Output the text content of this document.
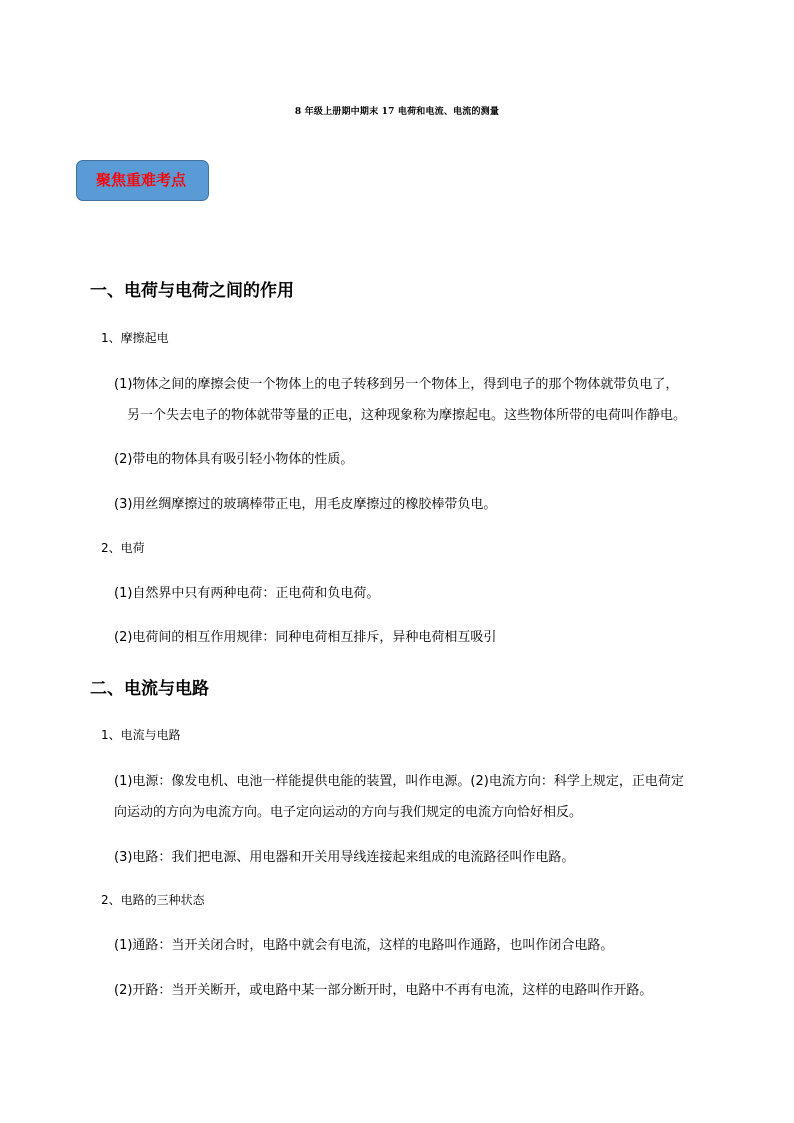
8 年级上册期中期末 17 电荷和电流、电流的测量
聚焦重难考点
一、电荷与电荷之间的作用
1、摩擦起电
(1)物体之间的摩擦会使一个物体上的电子转移到另一个物体上，得到电子的那个物体就带负电了，
另一个失去电子的物体就带等量的正电，这种现象称为摩擦起电。这些物体所带的电荷叫作静电。
(2)带电的物体具有吸引轻小物体的性质。
(3)用丝绸摩擦过的玻璃棒带正电，用毛皮摩擦过的橡胶棒带负电。
2、电荷
(1)自然界中只有两种电荷：正电荷和负电荷。
(2)电荷间的相互作用规律：同种电荷相互排斥，异种电荷相互吸引
二、电流与电路
1、电流与电路
(1)电源：像发电机、电池一样能提供电能的装置，叫作电源。(2)电流方向：科学上规定，正电荷定
向运动的方向为电流方向。电子定向运动的方向与我们规定的电流方向恰好相反。
(3)电路：我们把电源、用电器和开关用导线连接起来组成的电流路径叫作电路。
2、电路的三种状态
(1)通路：当开关闭合时，电路中就会有电流，这样的电路叫作通路，也叫作闭合电路。
(2)开路：当开关断开，或电路中某一部分断开时，电路中不再有电流，这样的电路叫作开路。
